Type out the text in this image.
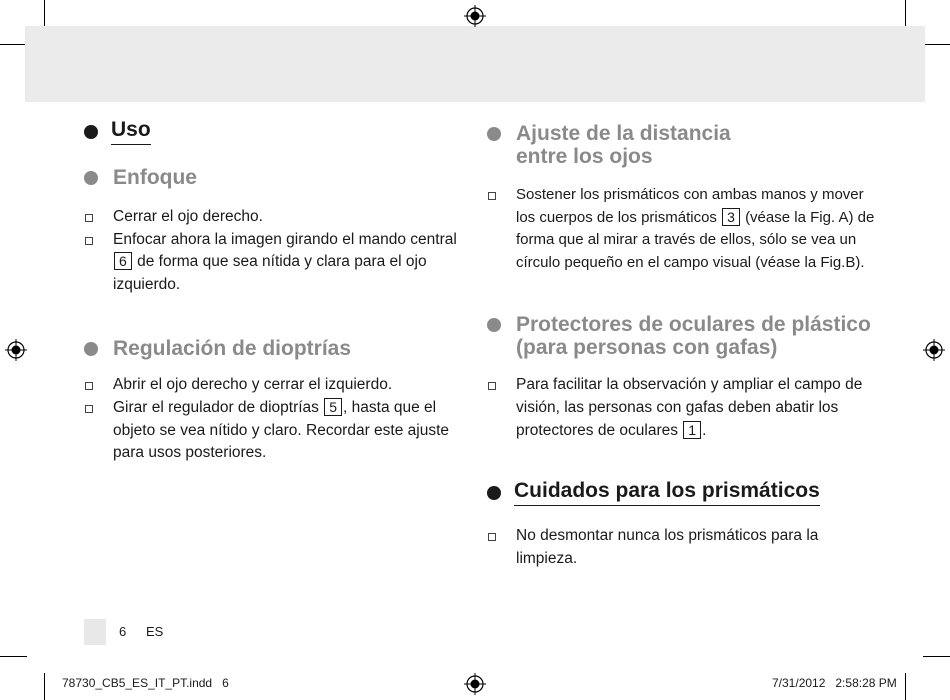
Uso
Enfoque
Cerrar el ojo derecho.
Enfocar ahora la imagen girando el mando central 6 de forma que sea nítida y clara para el ojo izquierdo.
Regulación de dioptrías
Abrir el ojo derecho y cerrar el izquierdo.
Girar el regulador de dioptrías 5 , hasta que el objeto se vea nítido y claro. Recordar este ajuste para usos posteriores.
Ajuste de la distancia
entre los ojos
Sostener los prismáticos con ambas manos y mover los cuerpos de los prismáticos 3 (véase la Fig. A) de forma que al mirar a través de ellos, sólo se vea un círculo pequeño en el campo visual (véase la Fig.B).
Protectores de oculares de plástico
(para personas con gafas)
Para facilitar la observación y ampliar el campo de visión, las personas con gafas deben abatir los protectores de oculares 1 .
Cuidados para los prismáticos
No desmontar nunca los prismáticos para la limpieza.
6 ES
78730_CB5_ES_IT_PT.indd   6	7/31/2012   2:58:28 PM
